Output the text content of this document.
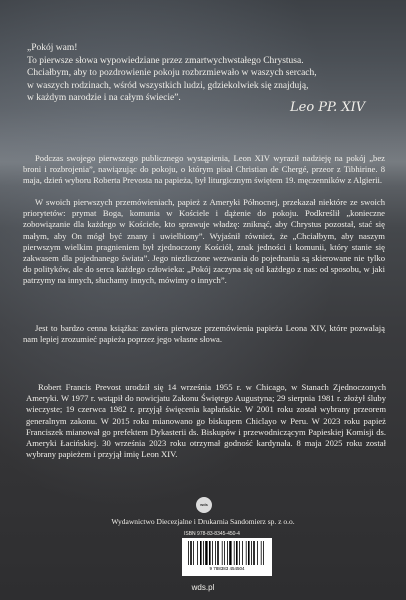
„Pokój wam!
To pierwsze słowa wypowiedziane przez zmartwychwstałego Chrystusa.
Chciałbym, aby to pozdrowienie pokoju rozbrzmiewało w waszych sercach,
w waszych rodzinach, wśród wszystkich ludzi, gdziekolwiek się znajdują,
w każdym narodzie i na całym świecie”.
Leo PP. XIV

Podczas swojego pierwszego publicznego wystąpienia, Leon XIV wyraził nadzieję na pokój „bez broni i rozbrojenia”, nawiązując do pokoju, o którym pisał Christian de Chergé, przeor z Tibhirine. 8 maja, dzień wyboru Roberta Prevosta na papieża, był liturgicznym świętem 19. męczenników z Algierii.

W swoich pierwszych przemówieniach, papież z Ameryki Północnej, przekazał niektóre ze swoich priorytetów: prymat Boga, komunia w Kościele i dążenie do pokoju. Podkreślił „konieczne zobowiązanie dla każdego w Kościele, kto sprawuje władzę: zniknąć, aby Chrystus pozostał, stać się małym, aby On mógł być znany i uwielbiony”. Wyjaśnił również, że „Chciałbym, aby naszym pierwszym wielkim pragnieniem był zjednoczony Kościół, znak jedności i komunii, który stanie się zakwasem dla pojednanego świata”. Jego niezliczone wezwania do pojednania są skierowane nie tylko do polityków, ale do serca każdego człowieka: „Pokój zaczyna się od każdego z nas: od sposobu, w jaki patrzymy na innych, słuchamy innych, mówimy o innych”.

Jest to bardzo cenna książka: zawiera pierwsze przemówienia papieża Leona XIV, które pozwalają nam lepiej zrozumieć papieża poprzez jego własne słowa.

Robert Francis Prevost urodził się 14 września 1955 r. w Chicago, w Stanach Zjednoczonych Ameryki. W 1977 r. wstąpił do nowicjatu Zakonu Świętego Augustyna; 29 sierpnia 1981 r. złożył śluby wieczyste; 19 czerwca 1982 r. przyjął święcenia kapłańskie. W 2001 roku został wybrany przeorem generalnym zakonu. W 2015 roku mianowano go biskupem Chiclayo w Peru. W 2023 roku papież Franciszek mianował go prefektem Dykasterii ds. Biskupów i przewodniczącym Papieskiej Komisji ds. Ameryki Łacińskiej. 30 września 2023 roku otrzymał godność kardynała. 8 maja 2025 roku został wybrany papieżem i przyjął imię Leon XIV.

wds
Wydawnictwo Diecezjalne i Drukarnia Sandomierz sp. z o.o.
ISBN 978-83-8345-450-4
9 788383 454504
wds.pl
